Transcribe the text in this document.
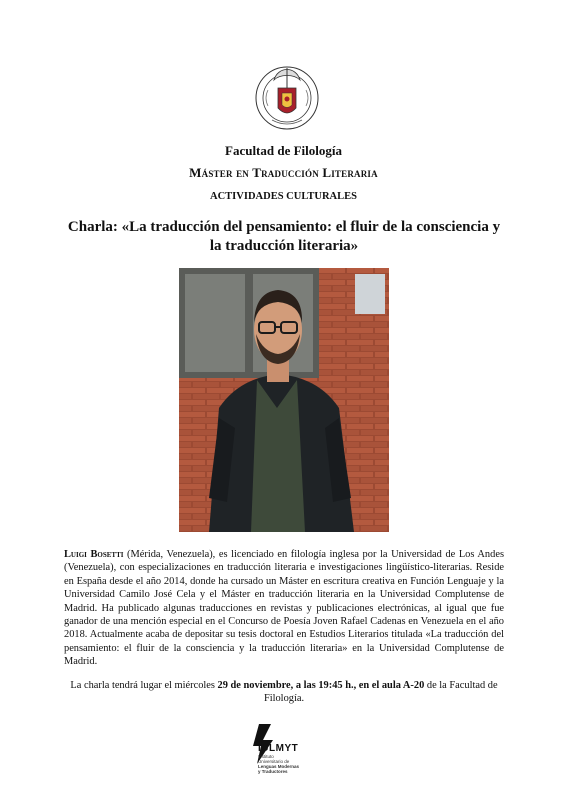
Facultad de Filología
Máster en Traducción Literaria
ACTIVIDADES CULTURALES
Charla: «La traducción del pensamiento: el fluir de la consciencia y la traducción literaria»

Luigi Bosetti (Mérida, Venezuela), es licenciado en filología inglesa por la Universidad de Los Andes (Venezuela), con especializaciones en traducción literaria e investigaciones lingüístico-literarias. Reside en España desde el año 2014, donde ha cursado un Máster en escritura creativa en Función Lenguaje y la Universidad Camilo José Cela y el Máster en traducción literaria en la Universidad Complutense de Madrid. Ha publicado algunas traducciones en revistas y publicaciones electrónicas, al igual que fue ganador de una mención especial en el Concurso de Poesía Joven Rafael Cadenas en Venezuela en el año 2018. Actualmente acaba de depositar su tesis doctoral en Estudios Literarios titulada «La traducción del pensamiento: el fluir de la consciencia y la traducción literaria» en la Universidad Complutense de Madrid.

La charla tendrá lugar el miércoles 29 de noviembre, a las 19:45 h., en el aula A-20 de la Facultad de Filología.

IULMYT
Instituto
Universitario de
Lenguas Modernas
y Traductores
